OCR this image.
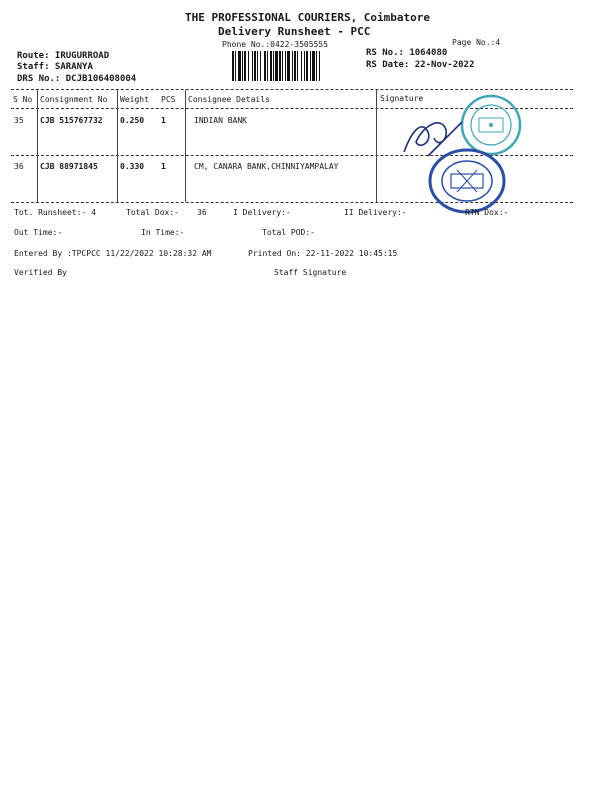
THE PROFESSIONAL COURIERS, Coimbatore
Delivery Runsheet - PCC
Phone No.:0422-3505555	Page No.:4
Route: IRUGURROAD
Staff: SARANYA
DRS No.: DCJB106408004
RS No.: 1064080
RS Date: 22-Nov-2022
S No Consignment No Weight PCS Consignee Details	Signature
35 CJB 515767732 0.250 1	INDIAN BANK
36 CJB 88971845	0.330 1	CM, CANARA BANK,CHINNIYAMPALAY
Tot. Runsheet:- 4	Total Dox:- 36	I Delivery:-	II Delivery:-	RTN Dox:-
Out Time:-	In Time:-	Total POD:-
Entered By :TPCPCC 11/22/2022 10:28:32 AM	Printed On: 22-11-2022 10:45:15
Verified By	Staff Signature
